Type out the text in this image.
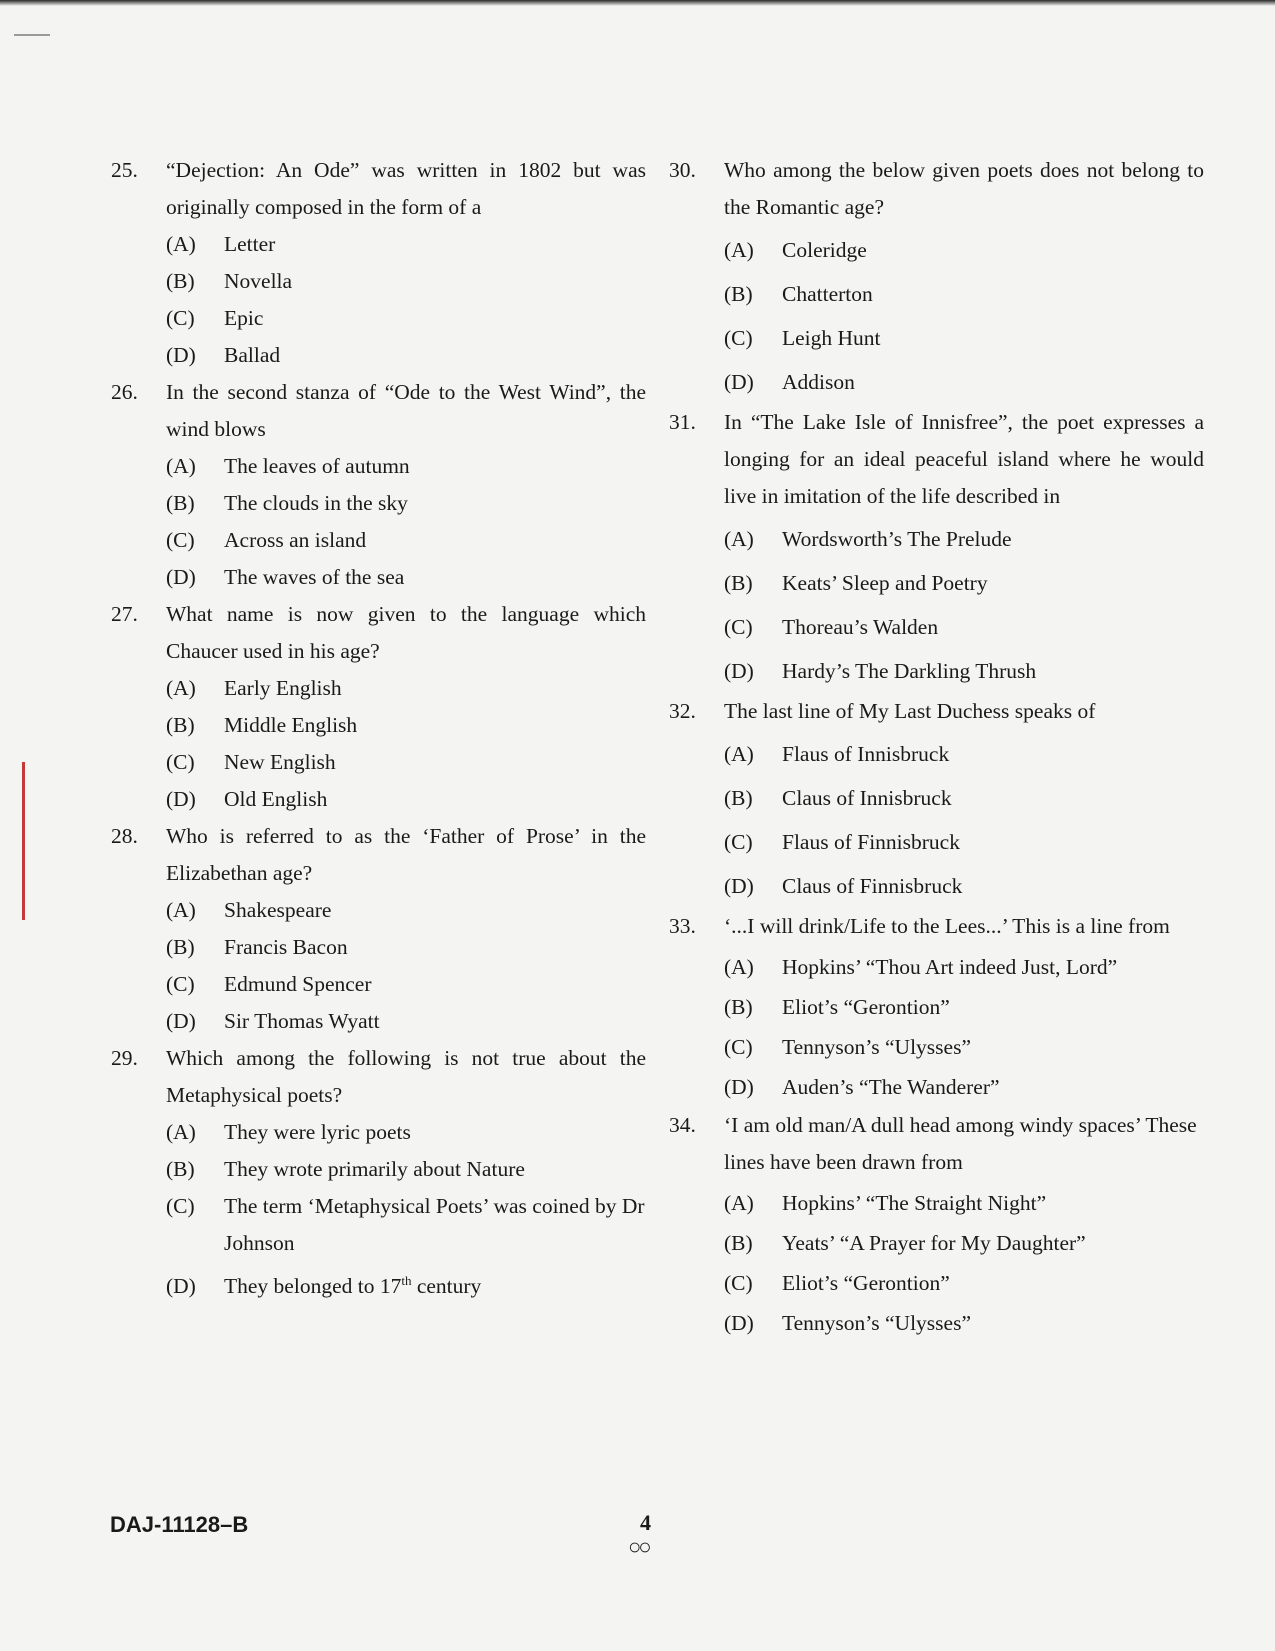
25.	“Dejection: An Ode” was written in 1802 but was originally composed in the form of a
(A)	Letter
(B)	Novella
(C)	Epic
(D)	Ballad
26.	In the second stanza of “Ode to the West Wind”, the wind blows
(A)	The leaves of autumn
(B)	The clouds in the sky
(C)	Across an island
(D)	The waves of the sea
27.	What name is now given to the language which Chaucer used in his age?
(A)	Early English
(B)	Middle English
(C)	New English
(D)	Old English
28.	Who is referred to as the ‘Father of Prose’ in the Elizabethan age?
(A)	Shakespeare
(B)	Francis Bacon
(C)	Edmund Spencer
(D)	Sir Thomas Wyatt
29.	Which among the following is not true about the Metaphysical poets?
(A)	They were lyric poets
(B)	They wrote primarily about Nature
(C)	The term ‘Metaphysical Poets’ was coined by Dr Johnson
(D)	They belonged to 17th century
30.	Who among the below given poets does not belong to the Romantic age?
(A)	Coleridge
(B)	Chatterton
(C)	Leigh Hunt
(D)	Addison
31.	In “The Lake Isle of Innisfree”, the poet expresses a longing for an ideal peaceful island where he would live in imitation of the life described in
(A)	Wordsworth’s The Prelude
(B)	Keats’ Sleep and Poetry
(C)	Thoreau’s Walden
(D)	Hardy’s The Darkling Thrush
32.	The last line of My Last Duchess speaks of
(A)	Flaus of Innisbruck
(B)	Claus of Innisbruck
(C)	Flaus of Finnisbruck
(D)	Claus of Finnisbruck
33.	‘...I will drink/Life to the Lees...’ This is a line from
(A)	Hopkins’ “Thou Art indeed Just, Lord”
(B)	Eliot’s “Gerontion”
(C)	Tennyson’s “Ulysses”
(D)	Auden’s “The Wanderer”
34.	‘I am old man/A dull head among windy spaces’ These lines have been drawn from
(A)	Hopkins’ “The Straight Night”
(B)	Yeats’ “A Prayer for My Daughter”
(C)	Eliot’s “Gerontion”
(D)	Tennyson’s “Ulysses”
DAJ-11128–B	4
○○
